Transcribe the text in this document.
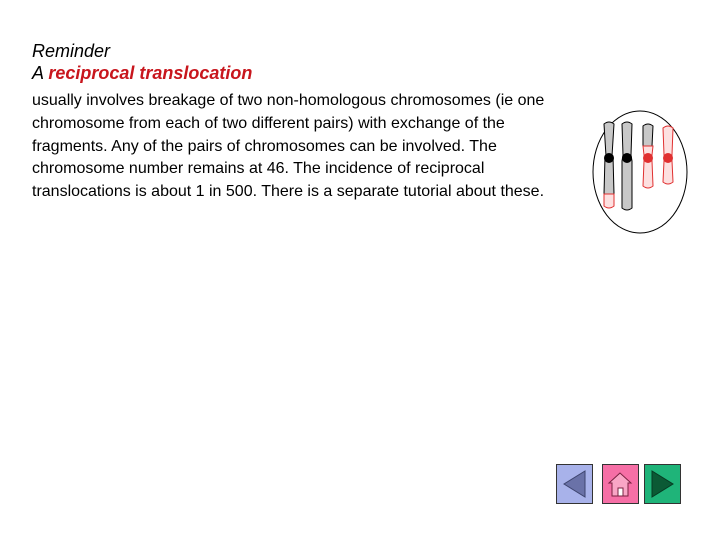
Reminder
A reciprocal translocation
usually involves breakage of two non-homologous chromosomes (ie one chromosome from each of two different pairs) with exchange of the fragments. Any of the pairs of chromosomes can be involved. The chromosome number remains at 46. The incidence of reciprocal translocations is about 1 in 500. There is a separate tutorial about these.
